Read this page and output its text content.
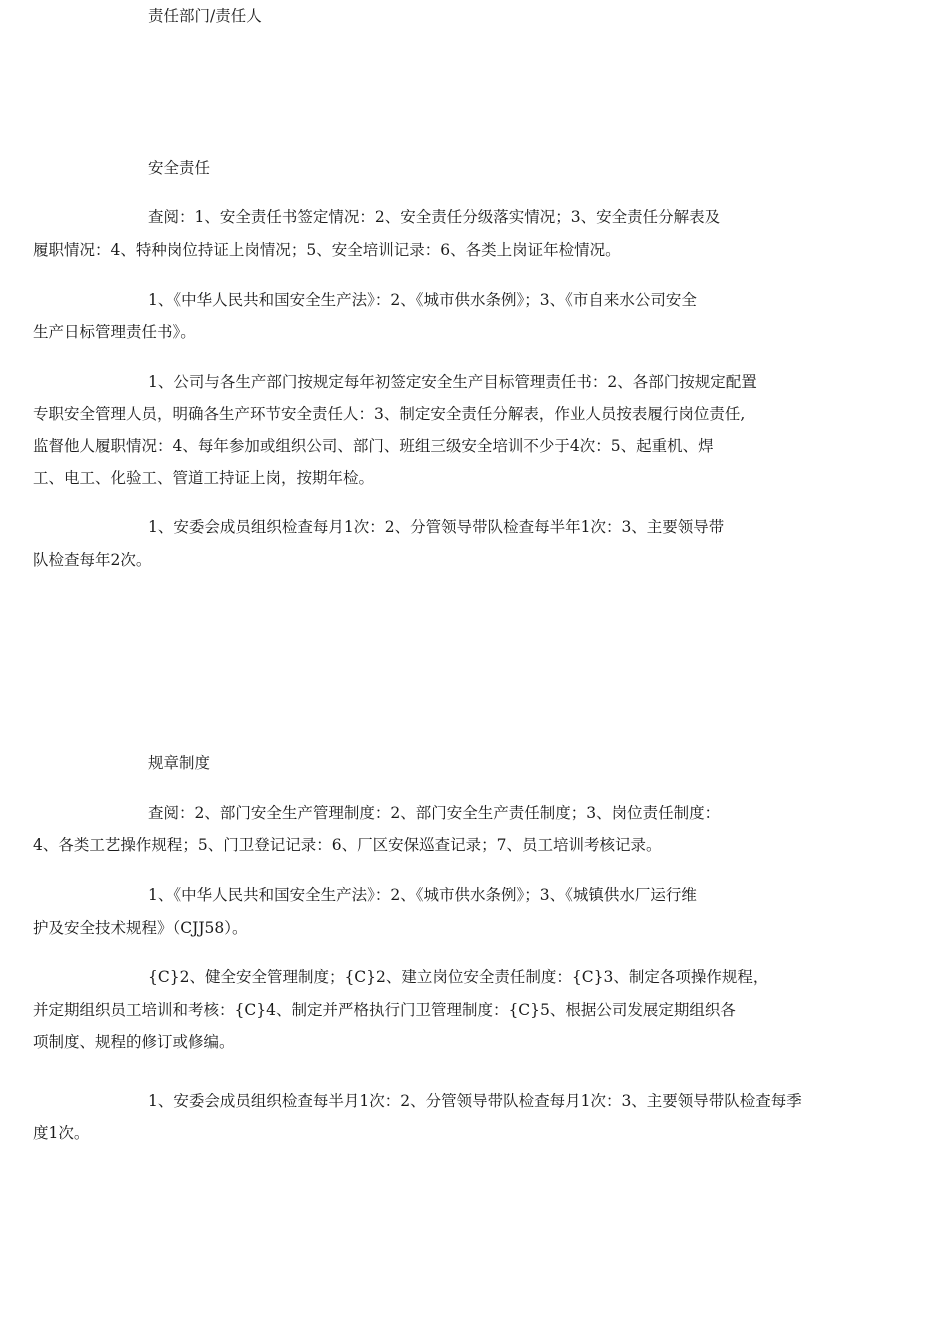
责任部门/责任人
安全责任
查阅：1、安全责任书签定情况：2、安全责任分级落实情况；3、安全责任分解表及
履职情况：4、特种岗位持证上岗情况；5、安全培训记录：6、各类上岗证年检情况。
1、《中华人民共和国安全生产法》：2、《城市供水条例》；3、《市自来水公司安全
生产日标管理责任书》。
1、公司与各生产部门按规定每年初签定安全生产目标管理责任书：2、各部门按规定配置
专职安全管理人员，明确各生产环节安全责任人：3、制定安全责任分解表，作业人员按表履行岗位责任,
监督他人履职情况：4、每年参加或组织公司、部门、班组三级安全培训不少于4次：5、起重机、焊
工、电工、化验工、管道工持证上岗，按期年检。
1、安委会成员组织检查每月1次：2、分管领导带队检查每半年1次：3、主要领导带
队检查每年2次。
规章制度
查阅：2、部门安全生产管理制度：2、部门安全生产责任制度；3、岗位责任制度：
4、各类工艺操作规程；5、门卫登记记录：6、厂区安保巡查记录；7、员工培训考核记录。
1、《中华人民共和国安全生产法》：2、《城市供水条例》；3、《城镇供水厂运行维
护及安全技术规程》（CJJ58）。
{C}2、健全安全管理制度；{C}2、建立岗位安全责任制度：{C}3、制定各项操作规程，
并定期组织员工培训和考核：{C}4、制定并严格执行门卫管理制度：{C}5、根据公司发展定期组织各
项制度、规程的修订或修编。
1、安委会成员组织检查每半月1次：2、分管领导带队检查每月1次：3、主要领导带队检查每季
度1次。
